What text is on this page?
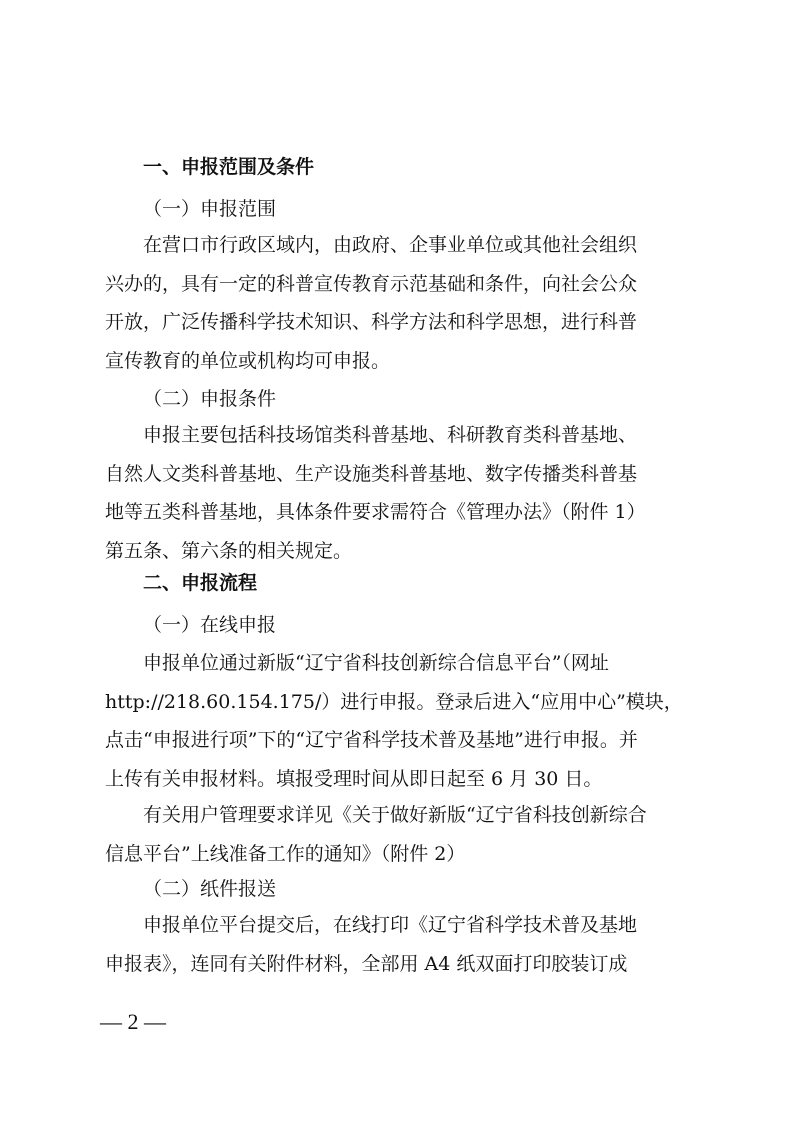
一、申报范围及条件
（一）申报范围
在营口市行政区域内，由政府、企事业单位或其他社会组织
兴办的，具有一定的科普宣传教育示范基础和条件，向社会公众
开放，广泛传播科学技术知识、科学方法和科学思想，进行科普
宣传教育的单位或机构均可申报。
（二）申报条件
申报主要包括科技场馆类科普基地、科研教育类科普基地、
自然人文类科普基地、生产设施类科普基地、数字传播类科普基
地等五类科普基地，具体条件要求需符合《管理办法》（附件 1）
第五条、第六条的相关规定。
二、申报流程
（一）在线申报
申报单位通过新版“辽宁省科技创新综合信息平台”（网址
http://218.60.154.175/）进行申报。登录后进入“应用中心”模块，
点击“申报进行项”下的“辽宁省科学技术普及基地”进行申报。并
上传有关申报材料。填报受理时间从即日起至 6 月 30 日。
有关用户管理要求详见《关于做好新版“辽宁省科技创新综合
信息平台”上线准备工作的通知》（附件 2）
（二）纸件报送
申报单位平台提交后，在线打印《辽宁省科学技术普及基地
申报表》，连同有关附件材料，全部用 A4 纸双面打印胶装订成
— 2 —
